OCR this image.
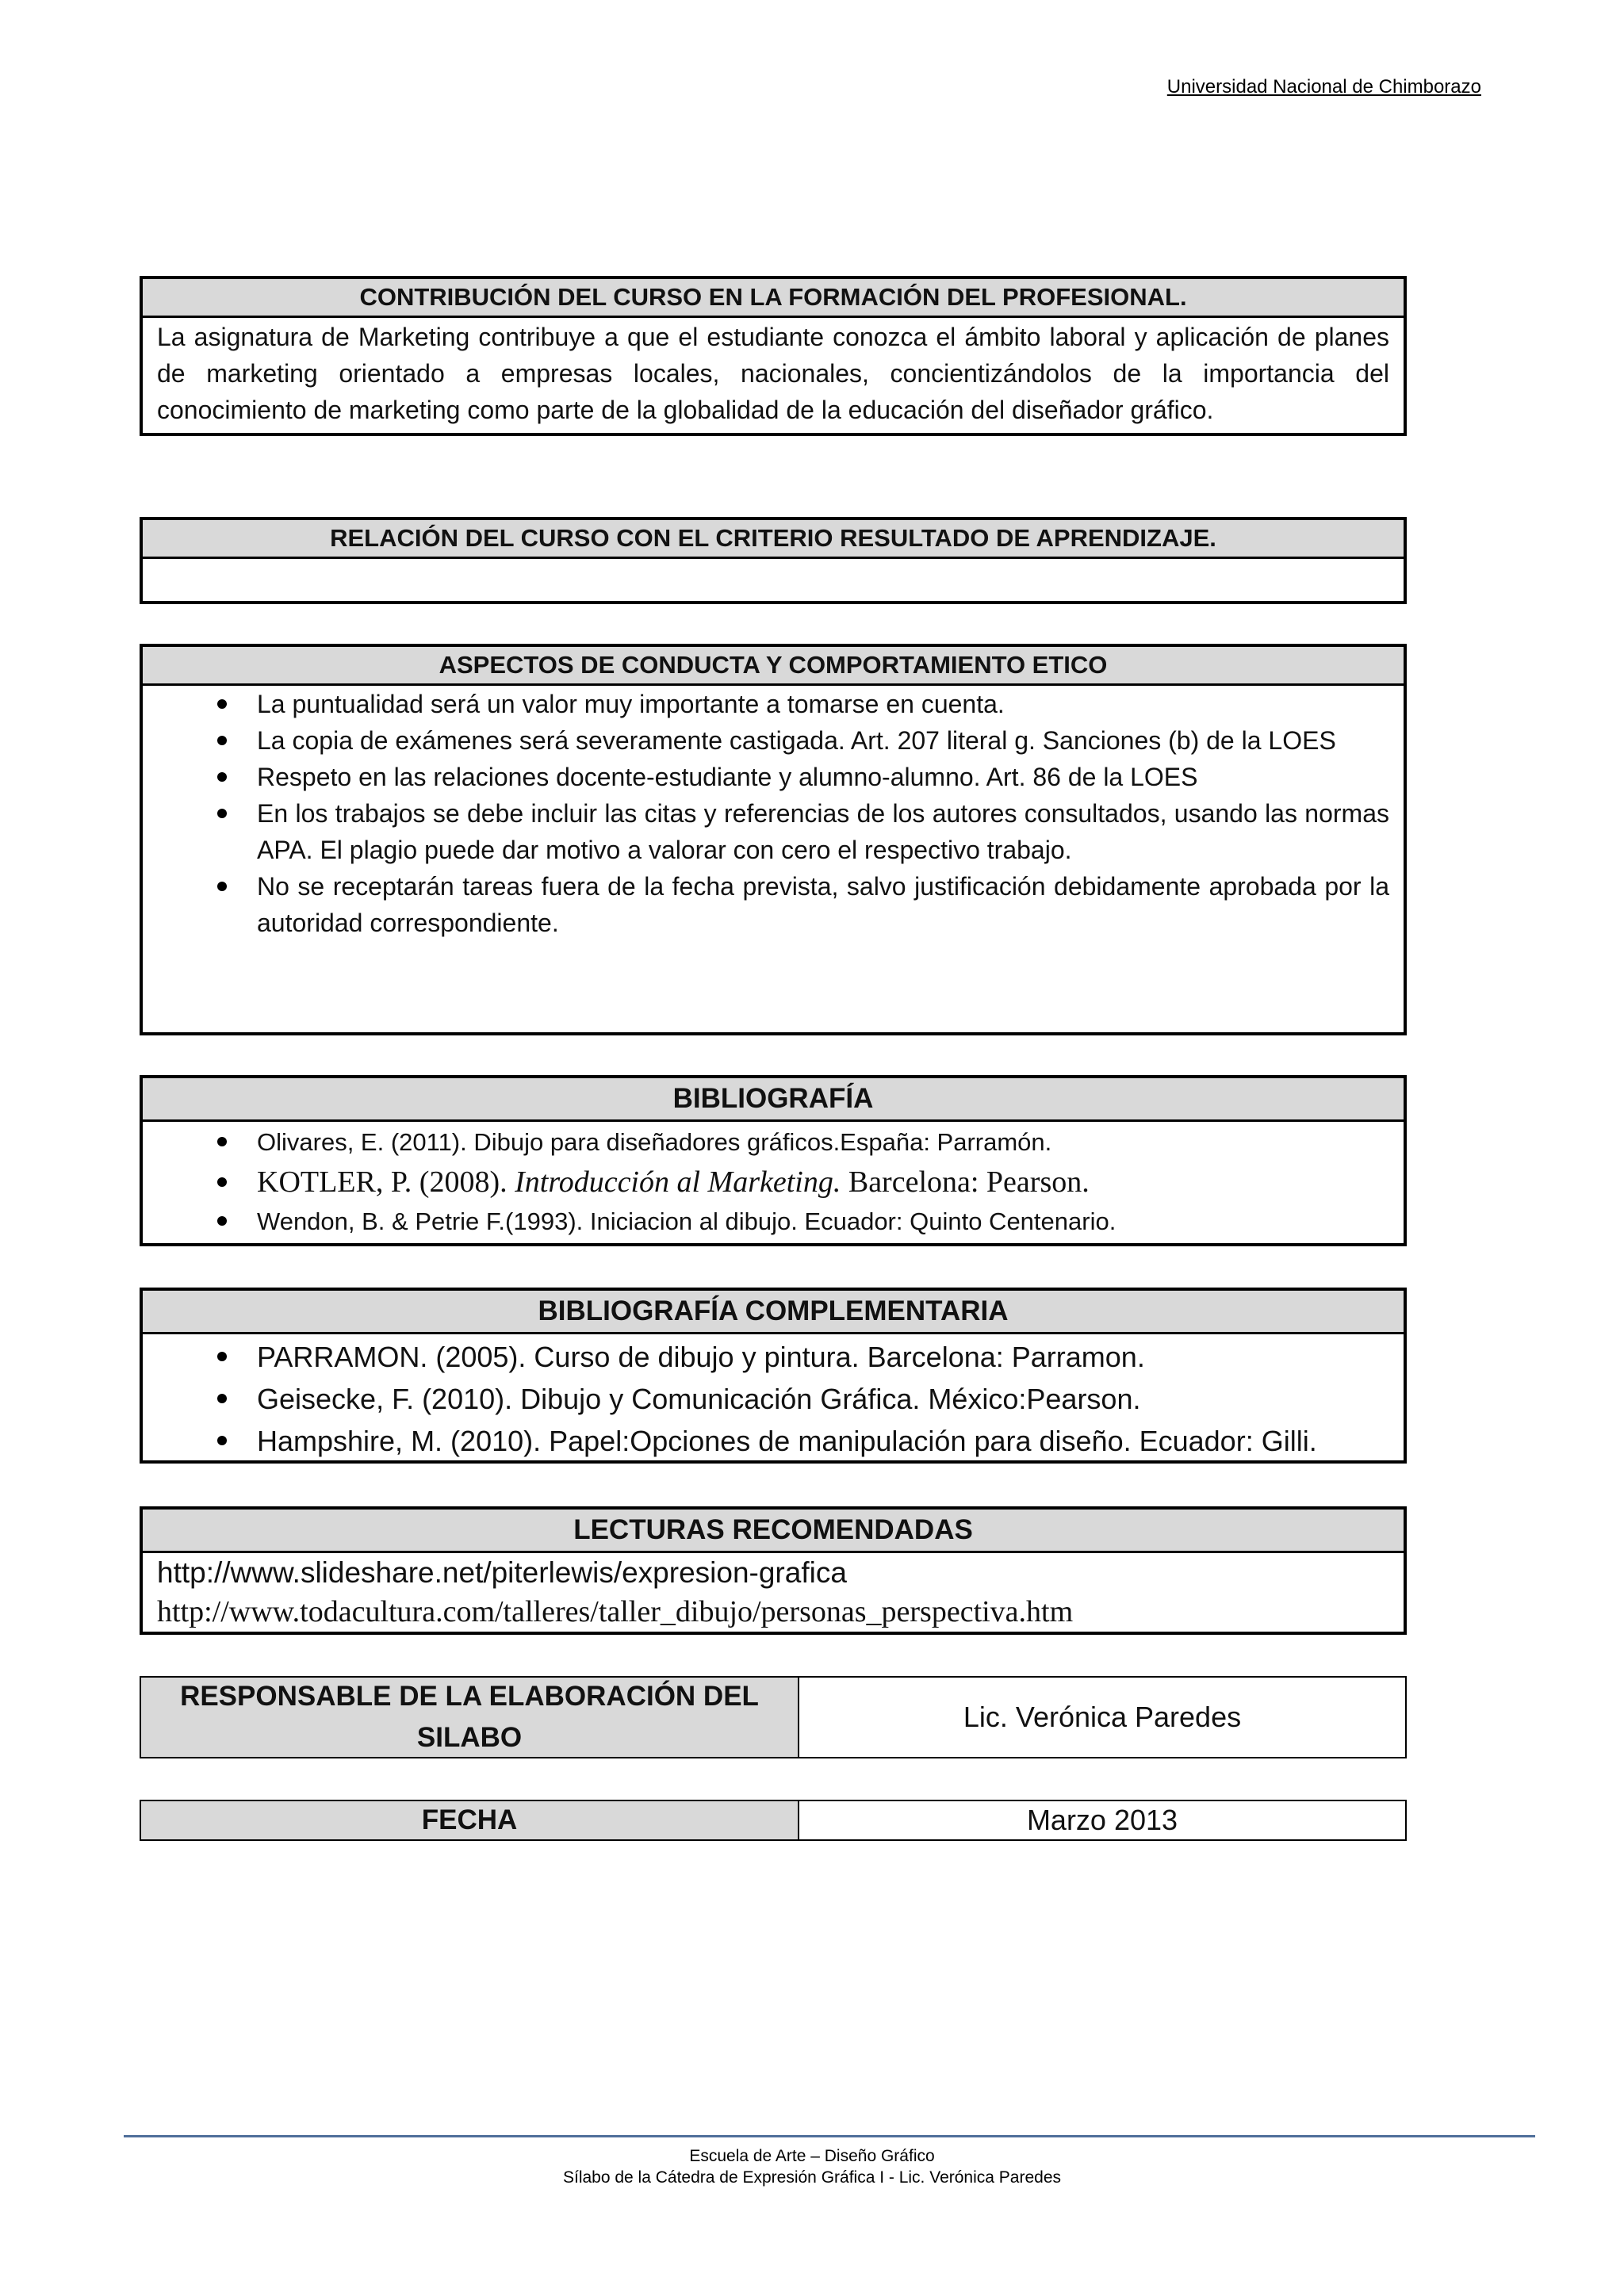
Universidad Nacional de Chimborazo
CONTRIBUCIÓN DEL CURSO EN LA FORMACIÓN DEL PROFESIONAL.
La asignatura de Marketing contribuye a que el estudiante conozca el ámbito laboral y aplicación de planes de marketing orientado a empresas locales, nacionales, concientizándolos de la importancia del conocimiento de marketing como parte de la globalidad de la educación del diseñador gráfico.
RELACIÓN DEL CURSO CON EL CRITERIO RESULTADO DE APRENDIZAJE.
ASPECTOS DE CONDUCTA Y COMPORTAMIENTO ETICO
La puntualidad será un valor muy importante a tomarse en cuenta.
La copia de exámenes será severamente castigada. Art. 207 literal g. Sanciones (b) de la LOES
Respeto en las relaciones docente-estudiante y alumno-alumno. Art. 86 de la LOES
En los trabajos se debe incluir las citas y referencias de los autores consultados, usando las normas APA. El plagio puede dar motivo a valorar con cero el respectivo trabajo.
No se receptarán tareas fuera de la fecha prevista, salvo justificación debidamente aprobada por la autoridad correspondiente.
BIBLIOGRAFÍA
Olivares, E. (2011). Dibujo para diseñadores gráficos.España: Parramón.
KOTLER, P. (2008). Introducción al Marketing. Barcelona: Pearson.
Wendon, B. & Petrie F.(1993). Iniciacion al dibujo. Ecuador: Quinto Centenario.
BIBLIOGRAFÍA COMPLEMENTARIA
PARRAMON. (2005). Curso de dibujo y pintura. Barcelona: Parramon.
Geisecke, F. (2010). Dibujo y Comunicación Gráfica. México:Pearson.
Hampshire, M. (2010). Papel:Opciones de manipulación para diseño. Ecuador: Gilli.
LECTURAS RECOMENDADAS
http://www.slideshare.net/piterlewis/expresion-grafica
http://www.todacultura.com/talleres/taller_dibujo/personas_perspectiva.htm
RESPONSABLE DE LA ELABORACIÓN DEL SILABO
Lic. Verónica Paredes
FECHA	Marzo 2013
Escuela de Arte – Diseño Gráfico
Sílabo de la Cátedra de Expresión Gráfica I - Lic. Verónica Paredes
